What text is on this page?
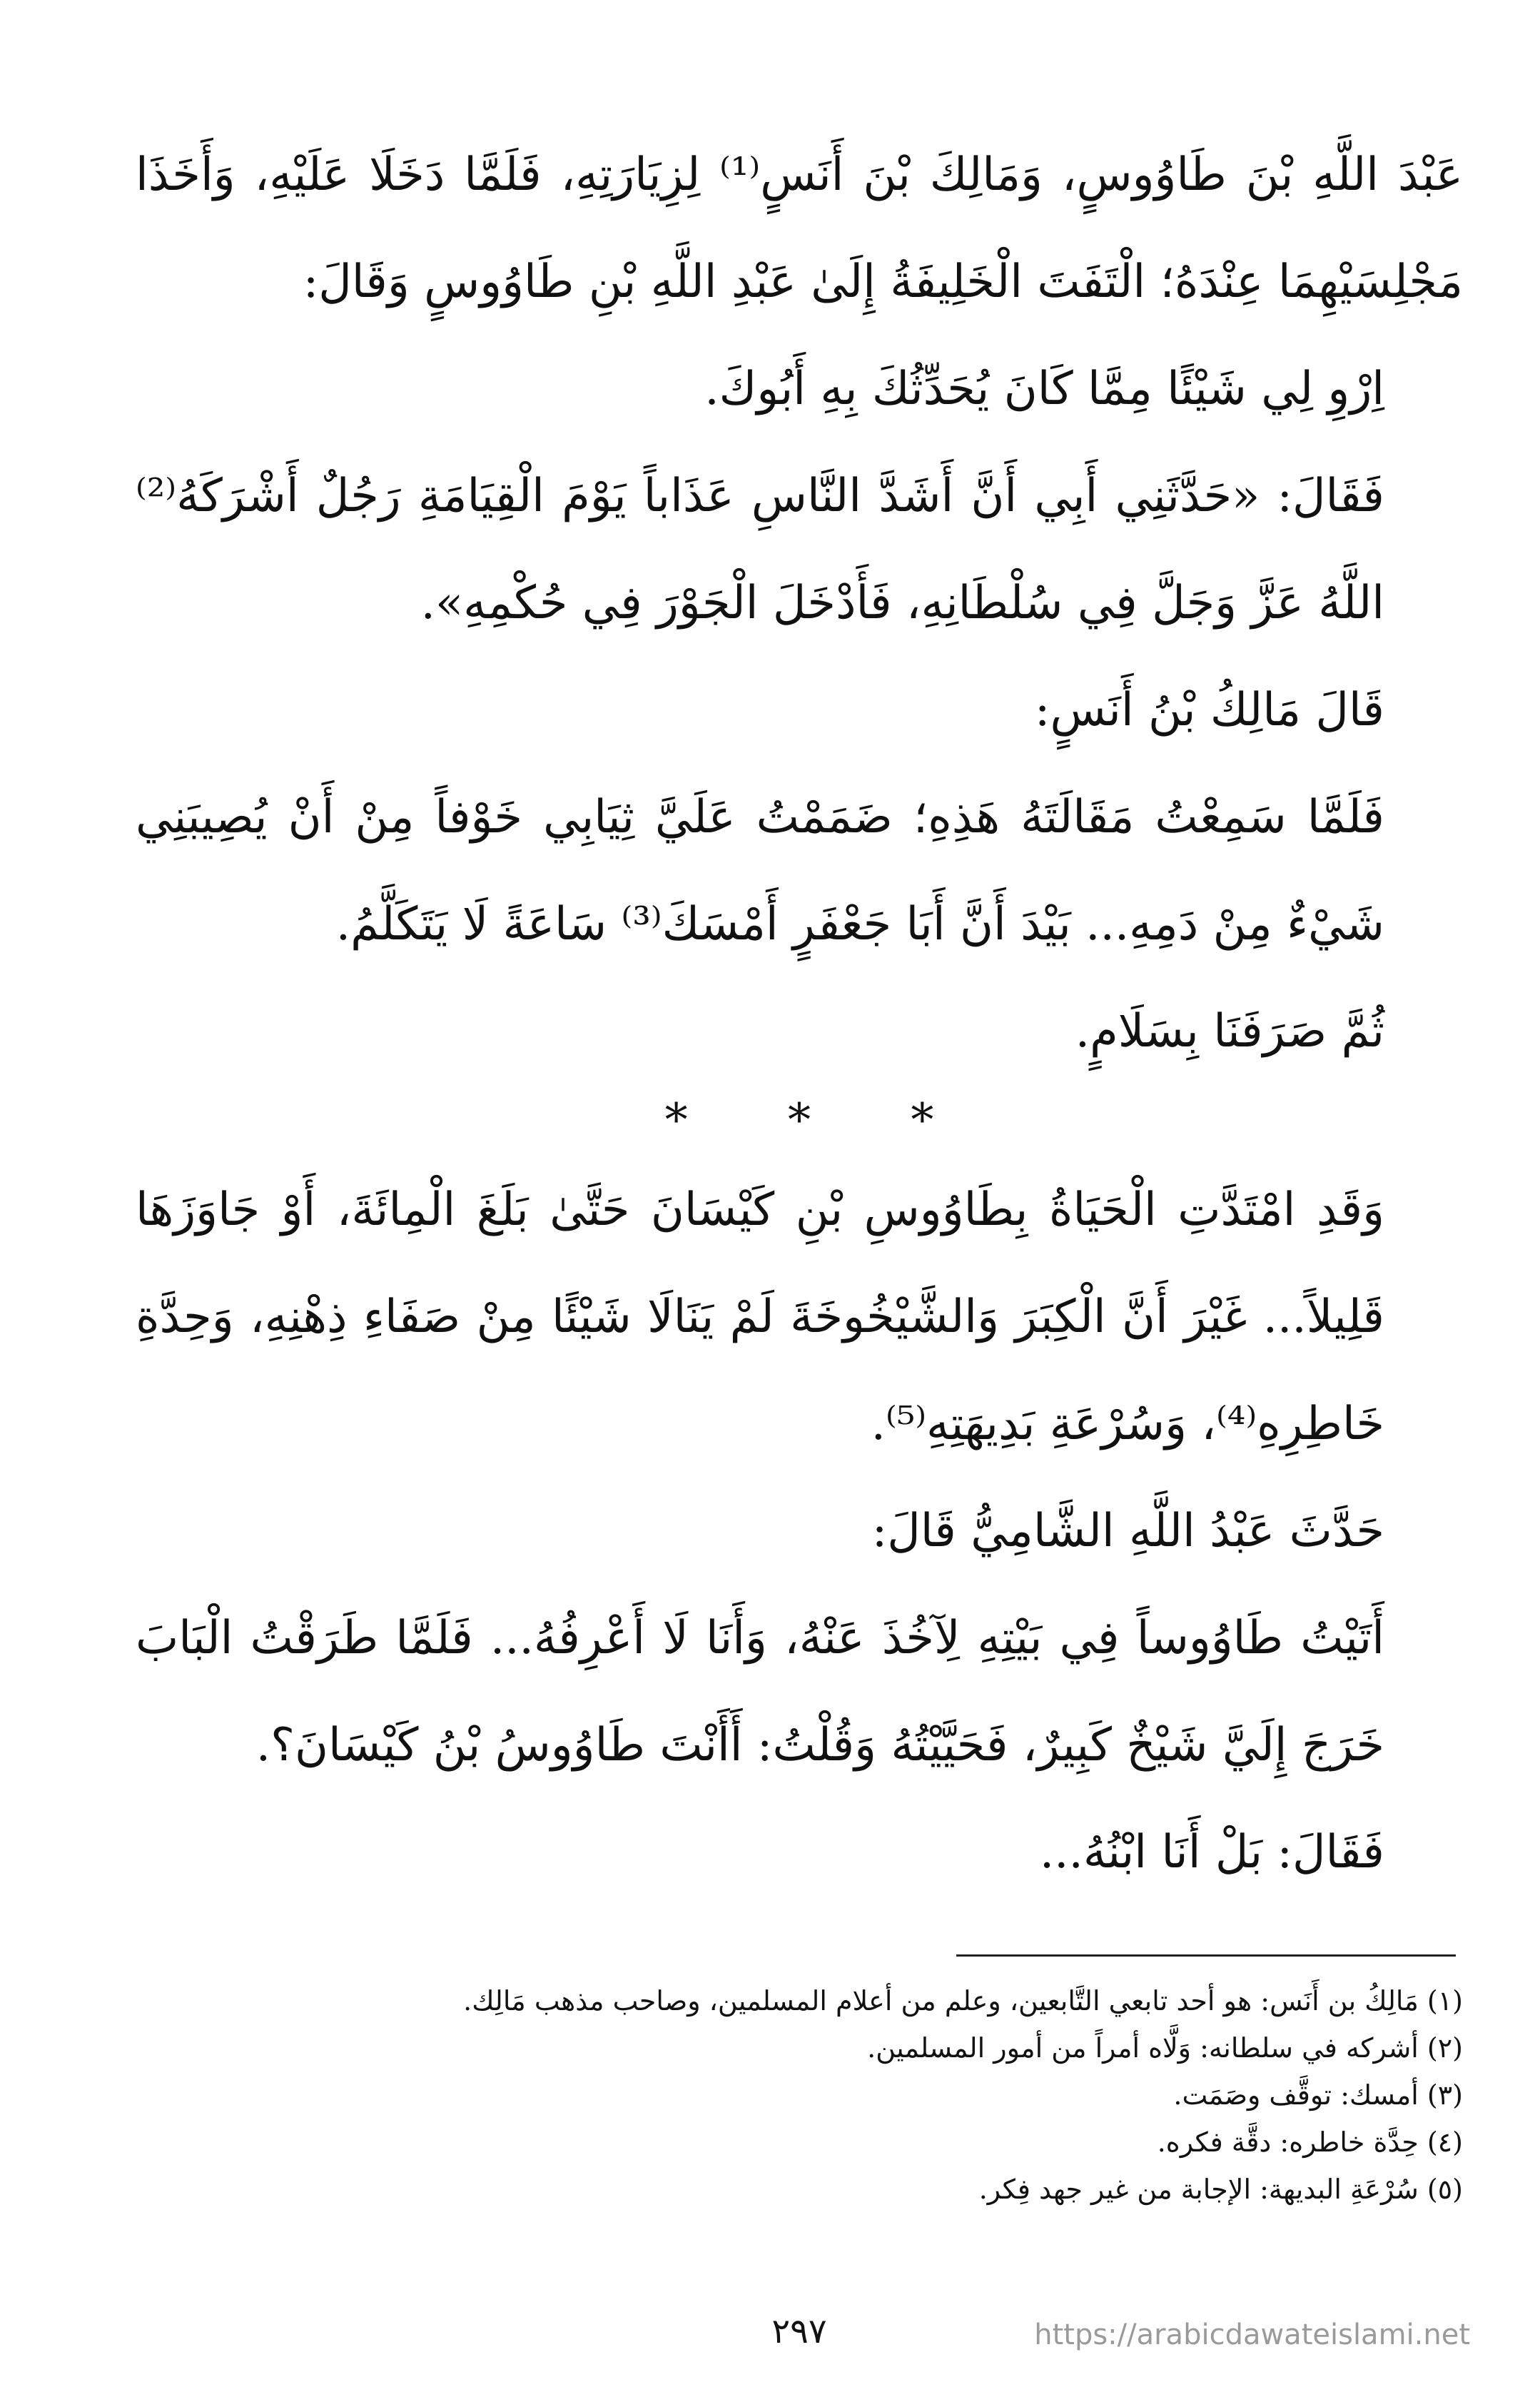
عَبْدَ اللَّهِ بْنَ طَاوُوسٍ، وَمَالِكَ بْنَ أَنَسٍ⁽¹⁾ لِزِيَارَتِهِ، فَلَمَّا دَخَلَا عَلَيْهِ، وَأَخَذَا مَجْلِسَيْهِمَا عِنْدَهُ؛ الْتَفَتَ الْخَلِيفَةُ إِلَىٰ عَبْدِ اللَّهِ بْنِ طَاوُوسٍ وَقَالَ:

اِرْوِ لِي شَيْئًا مِمَّا كَانَ يُحَدِّثُكَ بِهِ أَبُوكَ.

فَقَالَ: «حَدَّثَنِي أَبِي أَنَّ أَشَدَّ النَّاسِ عَذَاباً يَوْمَ الْقِيَامَةِ رَجُلٌ أَشْرَكَهُ⁽²⁾ اللَّهُ عَزَّ وَجَلَّ فِي سُلْطَانِهِ، فَأَدْخَلَ الْجَوْرَ فِي حُكْمِهِ».

قَالَ مَالِكُ بْنُ أَنَسٍ:

فَلَمَّا سَمِعْتُ مَقَالَتَهُ هَذِهِ؛ ضَمَمْتُ عَلَيَّ ثِيَابِي خَوْفاً مِنْ أَنْ يُصِيبَنِي شَيْءٌ مِنْ دَمِهِ... بَيْدَ أَنَّ أَبَا جَعْفَرٍ أَمْسَكَ⁽³⁾ سَاعَةً لَا يَتَكَلَّمُ.

ثُمَّ صَرَفَنَا بِسَلَامٍ.

* * *

وَقَدِ امْتَدَّتِ الْحَيَاةُ بِطَاوُوسِ بْنِ كَيْسَانَ حَتَّىٰ بَلَغَ الْمِائَةَ، أَوْ جَاوَزَهَا قَلِيلاً... غَيْرَ أَنَّ الْكِبَرَ وَالشَّيْخُوخَةَ لَمْ يَنَالَا شَيْئًا مِنْ صَفَاءِ ذِهْنِهِ، وَحِدَّةِ خَاطِرِهِ⁽⁴⁾، وَسُرْعَةِ بَدِيهَتِهِ⁽⁵⁾.

حَدَّثَ عَبْدُ اللَّهِ الشَّامِيُّ قَالَ:

أَتَيْتُ طَاوُوساً فِي بَيْتِهِ لِآخُذَ عَنْهُ، وَأَنَا لَا أَعْرِفُهُ... فَلَمَّا طَرَقْتُ الْبَابَ خَرَجَ إِلَيَّ شَيْخٌ كَبِيرٌ، فَحَيَّيْتُهُ وَقُلْتُ: أَأَنْتَ طَاوُوسُ بْنُ كَيْسَانَ؟.

فَقَالَ: بَلْ أَنَا ابْنُهُ...

(١) مَالِكُ بن أَنَس: هو أحد تابعي التَّابعين، وعلم من أعلام المسلمين، وصاحب مذهب مَالِك.

(٢) أشركه في سلطانه: وَلَّاه أمراً من أمور المسلمين.

(٣) أمسك: توقَّف وصَمَت.

(٤) حِدَّة خاطره: دقَّة فكره.

(٥) سُرْعَةِ البديهة: الإجابة من غير جهد فِكر.

٢٩٧	https://arabicdawateislami.net
